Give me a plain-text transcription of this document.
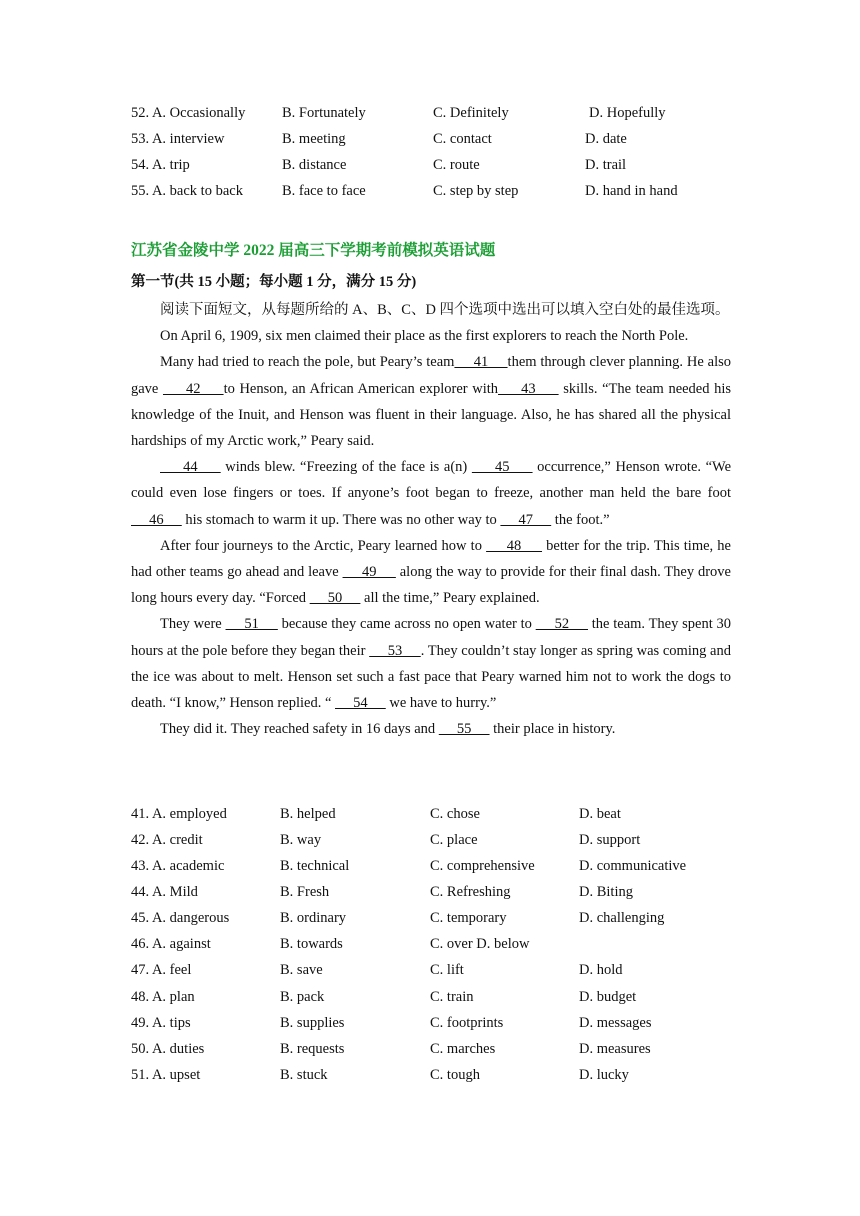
52. A. Occasionally	B. Fortunately	C. Definitely	D. Hopefully
53. A. interview	B. meeting	C. contact	D. date
54. A. trip	B. distance	C. route	D. trail
55. A. back to back	B. face to face	C. step by step	D. hand in hand
江苏省金陵中学 2022 届高三下学期考前模拟英语试题
第一节(共 15 小题；每小题 1 分，满分 15 分)

阅读下面短文，从每题所给的 A、B、C、D 四个选项中选出可以填入空白处的最佳选项。

On April 6, 1909, six men claimed their place as the first explorers to reach the North Pole.

Many had tried to reach the pole, but Peary’s team     41     them through clever planning. He also gave      42     to Henson, an African American explorer with     43      skills. “The team needed his knowledge of the Inuit, and Henson was fluent in their language. Also, he has shared all the physical hardships of my Arctic work,” Peary said.

44      winds blew. “Freezing of the face is a(n)      45      occurrence,” Henson wrote. “We could even lose fingers or toes. If anyone’s foot began to freeze, another man held the bare foot      46      his stomach to warm it up. There was no other way to      47      the foot.”

After four journeys to the Arctic, Peary learned how to      48      better for the trip. This time, he had other teams go ahead and leave      49      along the way to provide for their final dash. They drove long hours every day. “Forced      50      all the time,” Peary explained.

They were      51      because they came across no open water to      52      the team. They spent 30 hours at the pole before they began their      53     . They couldn’t stay longer as spring was coming and the ice was about to melt. Henson set such a fast pace that Peary warned him not to work the dogs to death. “I know,” Henson replied. “      54      we have to hurry.”

They did it. They reached safety in 16 days and      55      their place in history.

41. A. employed	B. helped	C. chose	D. beat
42. A. credit	B. way	C. place	D. support
43. A. academic	B. technical	C. comprehensive	D. communicative
44. A. Mild	B. Fresh	C. Refreshing	D. Biting
45. A. dangerous	B. ordinary	C. temporary	D. challenging
46. A. against	B. towards	C. over D. below
47. A. feel	B. save	C. lift	D. hold
48. A. plan	B. pack	C. train	D. budget
49. A. tips	B. supplies	C. footprints	D. messages
50. A. duties	B. requests	C. marches	D. measures
51. A. upset	B. stuck	C. tough	D. lucky
